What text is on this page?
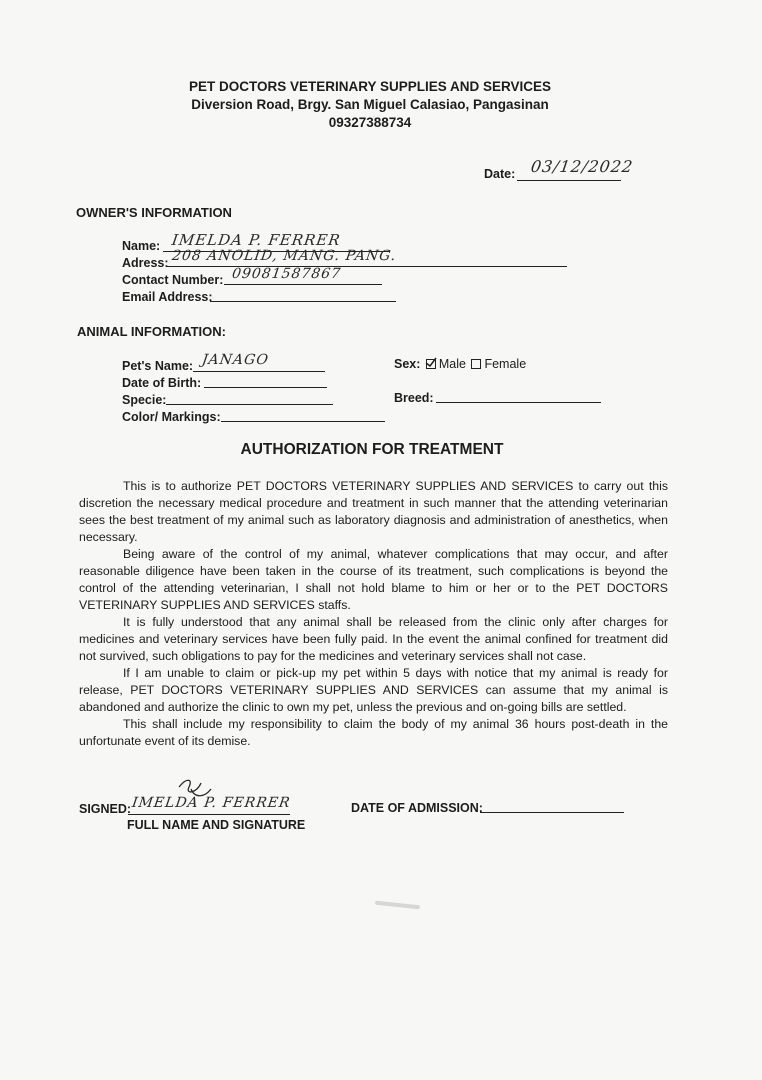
PET DOCTORS VETERINARY SUPPLIES AND SERVICES
Diversion Road, Brgy. San Miguel Calasiao, Pangasinan
09327388734
Date: 03/12/2022
OWNER'S INFORMATION
Name: IMELDA P. FERRER
Adress: 208 ANOLID, MANG. PANG.
Contact Number: 09081587867
Email Address:
ANIMAL INFORMATION:
Pet's Name: JANAGO
Date of Birth:
Specie:
Color/ Markings:
Sex: Male Female
Breed:
AUTHORIZATION FOR TREATMENT

This is to authorize PET DOCTORS VETERINARY SUPPLIES AND SERVICES to carry out this discretion the necessary medical procedure and treatment in such manner that the attending veterinarian sees the best treatment of my animal such as laboratory diagnosis and administration of anesthetics, when necessary.

Being aware of the control of my animal, whatever complications that may occur, and after reasonable diligence have been taken in the course of its treatment, such complications is beyond the control of the attending veterinarian, I shall not hold blame to him or her or to the PET DOCTORS VETERINARY SUPPLIES AND SERVICES staffs.

It is fully understood that any animal shall be released from the clinic only after charges for medicines and veterinary services have been fully paid. In the event the animal confined for treatment did not survived, such obligations to pay for the medicines and veterinary services shall not case.

If I am unable to claim or pick-up my pet within 5 days with notice that my animal is ready for release, PET DOCTORS VETERINARY SUPPLIES AND SERVICES can assume that my animal is abandoned and authorize the clinic to own my pet, unless the previous and on-going bills are settled.

This shall include my responsibility to claim the body of my animal 36 hours post-death in the unfortunate event of its demise.

SIGNED: IMELDA P. FERRER
FULL NAME AND SIGNATURE
DATE OF ADMISSION:
